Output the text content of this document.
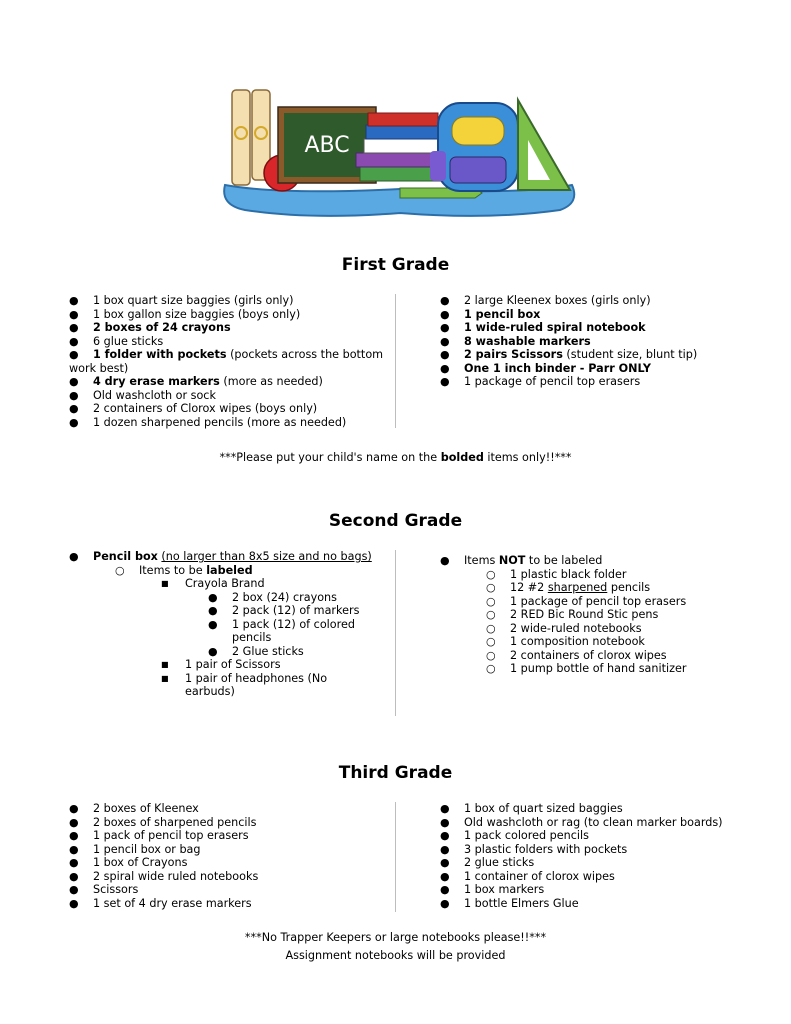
ABC
First Grade
● 1 box quart size baggies (girls only)
● 1 box gallon size baggies (boys only)
● 2 boxes of 24 crayons
● 6 glue sticks
● 1 folder with pockets (pockets across the bottom
work best)
● 4 dry erase markers (more as needed)
● Old washcloth or sock
● 2 containers of Clorox wipes (boys only)
● 1 dozen sharpened pencils (more as needed)
● 2 large Kleenex boxes (girls only)
● 1 pencil box
● 1 wide-ruled spiral notebook
● 8 washable markers
● 2 pairs Scissors (student size, blunt tip)
● One 1 inch binder - Parr ONLY
● 1 package of pencil top erasers
***Please put your child's name on the bolded items only!!***
Second Grade
● Pencil box (no larger than 8x5 size and no bags)
○ Items to be labeled
■ Crayola Brand
● 2 box (24) crayons
● 2 pack (12) of markers
● 1 pack (12) of colored
pencils
● 2 Glue sticks
■ 1 pair of Scissors
■ 1 pair of headphones (No
earbuds)
● Items NOT to be labeled
○ 1 plastic black folder
○ 12 #2 sharpened pencils
○ 1 package of pencil top erasers
○ 2 RED Bic Round Stic pens
○ 2 wide-ruled notebooks
○ 1 composition notebook
○ 2 containers of clorox wipes
○ 1 pump bottle of hand sanitizer
Third Grade
● 2 boxes of Kleenex
● 2 boxes of sharpened pencils
● 1 pack of pencil top erasers
● 1 pencil box or bag
● 1 box of Crayons
● 2 spiral wide ruled notebooks
● Scissors
● 1 set of 4 dry erase markers
● 1 box of quart sized baggies
● Old washcloth or rag (to clean marker boards)
● 1 pack colored pencils
● 3 plastic folders with pockets
● 2 glue sticks
● 1 container of clorox wipes
● 1 box markers
● 1 bottle Elmers Glue
***No Trapper Keepers or large notebooks please!!***
Assignment notebooks will be provided
